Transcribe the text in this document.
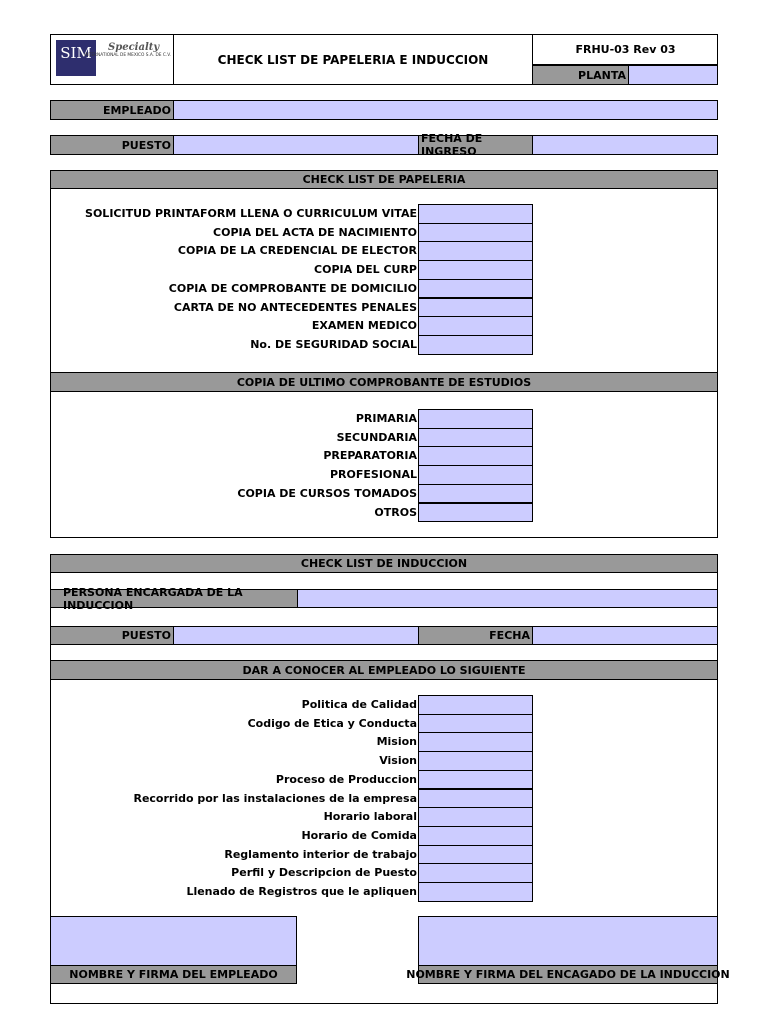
SIM	Specialty
INTERNATIONAL DE MEXICO S.A. DE C.V.	CHECK LIST DE PAPELERIA E INDUCCION
FRHU-03 Rev 03
PLANTA
EMPLEADO
PUESTO	FECHA DE INGRESO
CHECK LIST DE PAPELERIA
SOLICITUD PRINTAFORM LLENA O CURRICULUM VITAE
COPIA DEL ACTA DE NACIMIENTO
COPIA DE LA CREDENCIAL DE ELECTOR
COPIA DEL CURP
COPIA DE COMPROBANTE DE DOMICILIO
CARTA DE NO ANTECEDENTES PENALES
EXAMEN MEDICO
No. DE SEGURIDAD SOCIAL
COPIA DE ULTIMO COMPROBANTE DE ESTUDIOS
PRIMARIA
SECUNDARIA
PREPARATORIA
PROFESIONAL
COPIA DE CURSOS TOMADOS
OTROS
CHECK LIST DE INDUCCION
PERSONA ENCARGADA DE LA INDUCCION
PUESTO	FECHA
DAR A CONOCER AL EMPLEADO LO SIGUIENTE
Politica de Calidad
Codigo de Etica y Conducta
Mision
Vision
Proceso de Produccion
Recorrido por las instalaciones de la empresa
Horario laboral
Horario de Comida
Reglamento interior de trabajo
Perfil y Descripcion de Puesto
Llenado de Registros que le apliquen
NOMBRE Y FIRMA DEL EMPLEADO	NOMBRE Y FIRMA DEL ENCAGADO DE LA INDUCCION
